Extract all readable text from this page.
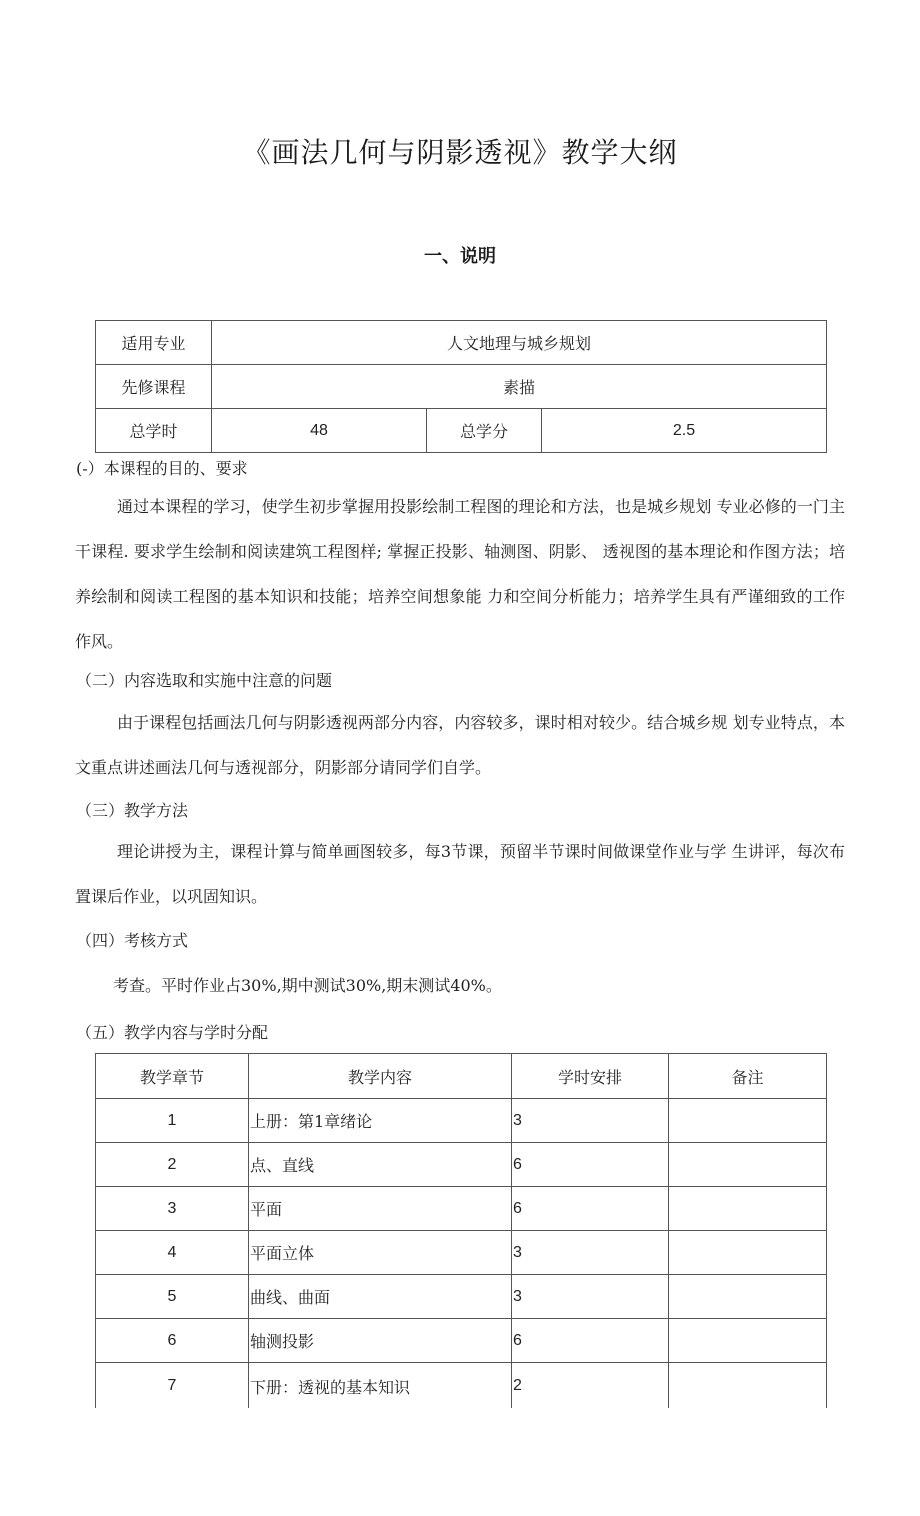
《画法几何与阴影透视》教学大纲
一、说明
适用专业	人文地理与城乡规划		
先修课程	素描		
总学时	48	总学分	2.5
(-）本课程的目的、要求

通过本课程的学习，使学生初步掌握用投影绘制工程图的理论和方法，也是城乡规划 专业必修的一门主干课程. 要求学生绘制和阅读建筑工程图样; 掌握正投影、轴测图、阴影、 透视图的基本理论和作图方法；培养绘制和阅读工程图的基本知识和技能；培养空间想象能 力和空间分析能力；培养学生具有严谨细致的工作作风。

（二）内容选取和实施中注意的问题

由于课程包括画法几何与阴影透视两部分内容，内容较多，课时相对较少。结合城乡规 划专业特点，本文重点讲述画法几何与透视部分，阴影部分请同学们自学。

（三）教学方法

理论讲授为主，课程计算与简单画图较多，每3节课，预留半节课时间做课堂作业与学 生讲评，每次布置课后作业，以巩固知识。

（四）考核方式

考查。平时作业占30%,期中测试30%,期末测试40%。

（五）教学内容与学时分配
教学章节	教学内容	学时安排	备注
1	上册：第1章绪论	3	
2	点、直线	6	
3	平面	6	
4	平面立体	3	
5	曲线、曲面	3	
6	轴测投影	6	
7	下册：透视的基本知识	2	
